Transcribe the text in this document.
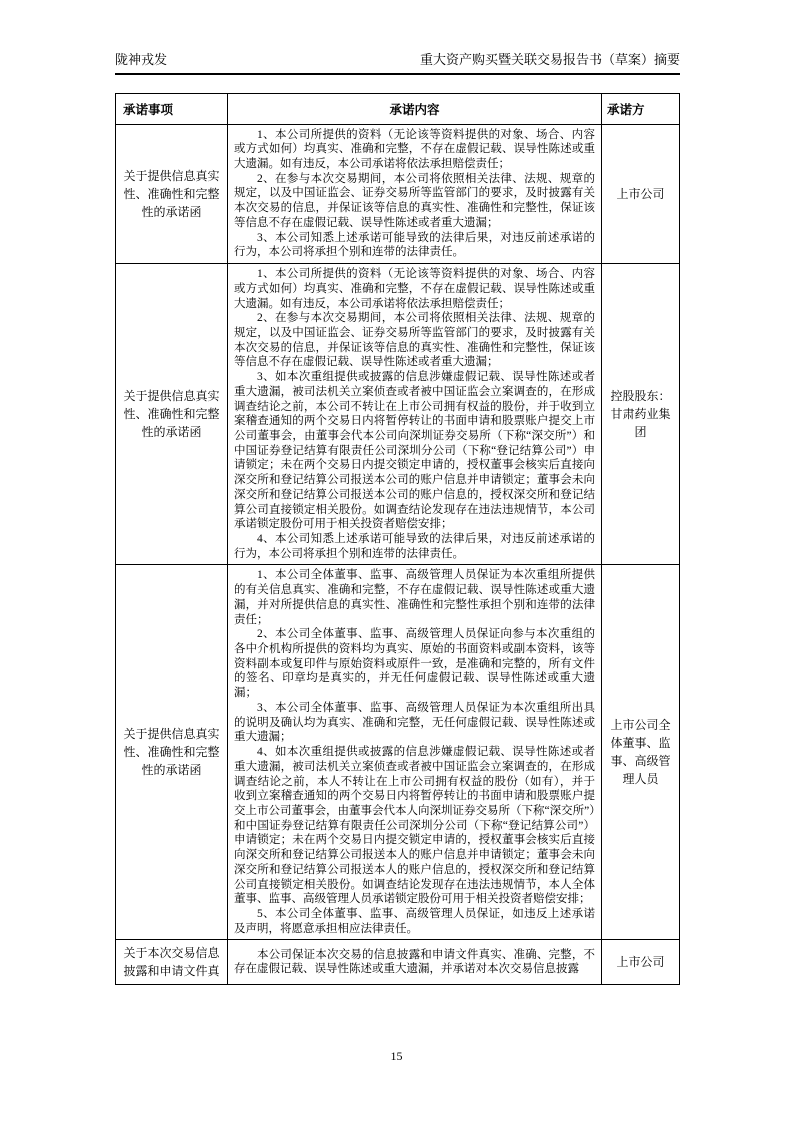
陇神戎发	重大资产购买暨关联交易报告书（草案）摘要
承诺事项	承诺内容	承诺方
关于提供信息真实性、准确性和完整性的承诺函	1、本公司所提供的资料（无论该等资料提供的对象、场合、内容或方式如何）均真实、准确和完整，不存在虚假记载、误导性陈述或重大遗漏。如有违反，本公司承诺将依法承担赔偿责任；

2、在参与本次交易期间，本公司将依照相关法律、法规、规章的规定，以及中国证监会、证券交易所等监管部门的要求，及时披露有关本次交易的信息，并保证该等信息的真实性、准确性和完整性，保证该等信息不存在虚假记载、误导性陈述或者重大遗漏；

3、本公司知悉上述承诺可能导致的法律后果，对违反前述承诺的行为，本公司将承担个别和连带的法律责任。	上市公司
关于提供信息真实性、准确性和完整性的承诺函	1、本公司所提供的资料（无论该等资料提供的对象、场合、内容或方式如何）均真实、准确和完整，不存在虚假记载、误导性陈述或重大遗漏。如有违反，本公司承诺将依法承担赔偿责任；

2、在参与本次交易期间，本公司将依照相关法律、法规、规章的规定，以及中国证监会、证券交易所等监管部门的要求，及时披露有关本次交易的信息，并保证该等信息的真实性、准确性和完整性，保证该等信息不存在虚假记载、误导性陈述或者重大遗漏；

3、如本次重组提供或披露的信息涉嫌虚假记载、误导性陈述或者重大遗漏，被司法机关立案侦查或者被中国证监会立案调查的，在形成调查结论之前，本公司不转让在上市公司拥有权益的股份，并于收到立案稽查通知的两个交易日内将暂停转让的书面申请和股票账户提交上市公司董事会，由董事会代本公司向深圳证券交易所（下称“深交所”）和中国证券登记结算有限责任公司深圳分公司（下称“登记结算公司”）申请锁定；未在两个交易日内提交锁定申请的，授权董事会核实后直接向深交所和登记结算公司报送本公司的账户信息并申请锁定；董事会未向深交所和登记结算公司报送本公司的账户信息的，授权深交所和登记结算公司直接锁定相关股份。如调查结论发现存在违法违规情节，本公司承诺锁定股份可用于相关投资者赔偿安排；

4、本公司知悉上述承诺可能导致的法律后果，对违反前述承诺的行为，本公司将承担个别和连带的法律责任。	控股股东：甘肃药业集团
关于提供信息真实性、准确性和完整性的承诺函	1、本公司全体董事、监事、高级管理人员保证为本次重组所提供的有关信息真实、准确和完整，不存在虚假记载、误导性陈述或重大遗漏，并对所提供信息的真实性、准确性和完整性承担个别和连带的法律责任；

2、本公司全体董事、监事、高级管理人员保证向参与本次重组的各中介机构所提供的资料均为真实、原始的书面资料或副本资料，该等资料副本或复印件与原始资料或原件一致，是准确和完整的，所有文件的签名、印章均是真实的，并无任何虚假记载、误导性陈述或重大遗漏；

3、本公司全体董事、监事、高级管理人员保证为本次重组所出具的说明及确认均为真实、准确和完整，无任何虚假记载、误导性陈述或重大遗漏；

4、如本次重组提供或披露的信息涉嫌虚假记载、误导性陈述或者重大遗漏，被司法机关立案侦查或者被中国证监会立案调查的，在形成调查结论之前，本人不转让在上市公司拥有权益的股份（如有），并于收到立案稽查通知的两个交易日内将暂停转让的书面申请和股票账户提交上市公司董事会，由董事会代本人向深圳证券交易所（下称“深交所”）和中国证券登记结算有限责任公司深圳分公司（下称“登记结算公司”）申请锁定；未在两个交易日内提交锁定申请的，授权董事会核实后直接向深交所和登记结算公司报送本人的账户信息并申请锁定；董事会未向深交所和登记结算公司报送本人的账户信息的，授权深交所和登记结算公司直接锁定相关股份。如调查结论发现存在违法违规情节，本人全体董事、监事、高级管理人员承诺锁定股份可用于相关投资者赔偿安排；

5、本公司全体董事、监事、高级管理人员保证，如违反上述承诺及声明，将愿意承担相应法律责任。	上市公司全体董事、监事、高级管理人员
关于本次交易信息披露和申请文件真	本公司保证本次交易的信息披露和申请文件真实、准确、完整，不存在虚假记载、误导性陈述或重大遗漏，并承诺对本次交易信息披露	上市公司
15
